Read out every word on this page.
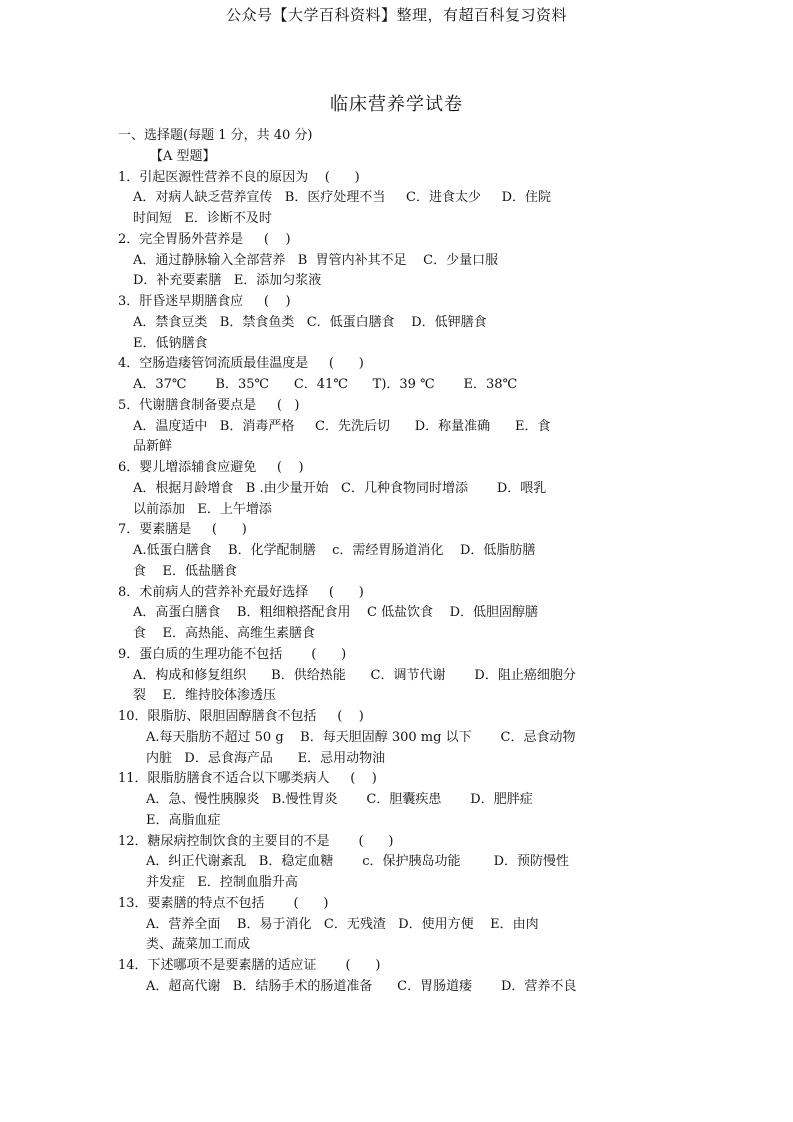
公众号【大学百科资料】整理，有超百科复习资料
临床营养学试卷
一、选择题(每题 1 分，共 40 分)
【A 型题】
1．引起医源性营养不良的原因为    (      )
A．对病人缺乏营养宣传   B．医疗处理不当     C．进食太少     D．住院
时间短   E．诊断不及时
2．完全胃肠外营养是     (    )
A．通过静脉输入全部营养   B  胃管内补其不足    C．少量口服
D．补充要素膳   E．添加匀浆液
3．肝昏迷早期膳食应     (    )
A．禁食豆类   B．禁食鱼类   C．低蛋白膳食    D．低钾膳食
E．低钠膳食
4．空肠造瘘管饲流质最佳温度是     (      )
A．37℃       B．35℃      C．41℃      T)．39 ℃       E．38℃
5．代谢膳食制备要点是     (   )
A．温度适中   B．消毒严格     C．先洗后切      D．称量准确      E．食
品新鲜
6．婴儿增添辅食应避免     (    )
A．根据月龄增食   B .由少量开始   C．几种食物同时增添       D．喂乳
以前添加   E．上午增添
7．要素膳是     (      )
A.低蛋白膳食    B．化学配制膳    c．需经胃肠道消化    D．低脂肪膳
食    E．低盐膳食
8．术前病人的营养补充最好选择     (      )
A．高蛋白膳食    B．粗细粮搭配食用    C 低盐饮食    D．低胆固醇膳
食    E．高热能、高维生素膳食
9．蛋白质的生理功能不包括       (      )
A．构成和修复组织      B．供给热能      C．调节代谢       D．阻止癌细胞分
裂    E．维持胶体渗透压
10．限脂肪、限胆固醇膳食不包括     (    )
A.每天脂肪不超过 50 g    B．每天胆固醇 300 mg 以下       C．忌食动物
内脏   D．忌食海产品      E．忌用动物油
11．限脂肪膳食不适合以下哪类病人     (    )
A．急、慢性胰腺炎   B.慢性胃炎       C．胆囊疾患       D．肥胖症
E．高脂血症
12．糖尿病控制饮食的主要目的不是       (      )
A．纠正代谢紊乱   B．稳定血糖       c．保护胰岛功能        D．预防慢性
并发症   E．控制血脂升高
13．要素膳的特点不包括       (      )
A．营养全面    B．易于消化   C．无残渣   D．使用方便    E．由肉
类、蔬菜加工而成
14．下述哪项不是要素膳的适应证       (      )
A．超高代谢   B．结肠手术的肠道准备      C．胃肠道瘘       D．营养不良
